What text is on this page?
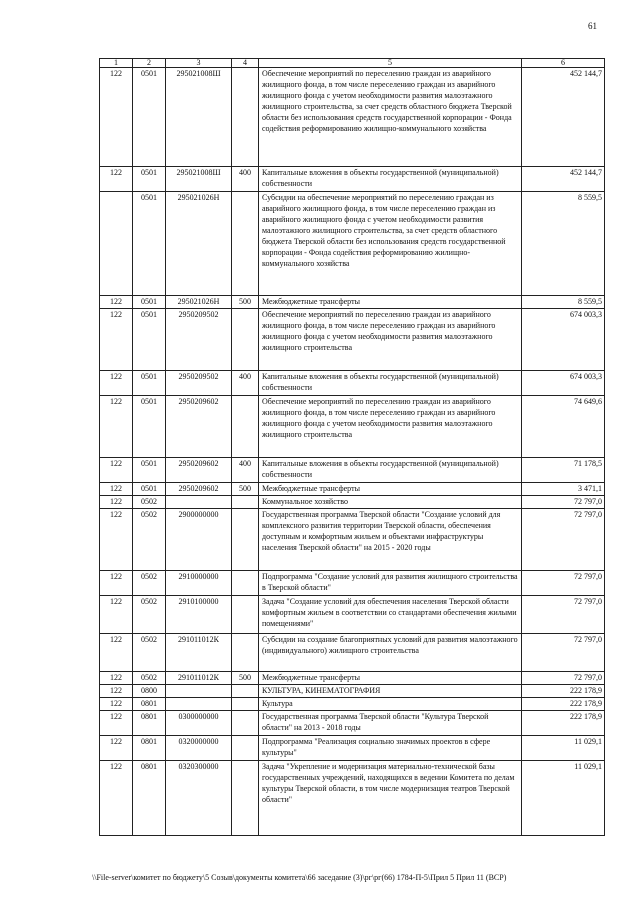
61
1	2	3	4	5	6
122	0501	295021008Ш		Обеспечение мероприятий по переселению граждан из аварийного жилищного фонда, в том числе переселению граждан из аварийного жилищного фонда с учетом необходимости развития малоэтажного жилищного строительства, за счет средств областного бюджета Тверской области без использования средств государственной корпорации - Фонда содействия реформированию жилищно-коммунального хозяйства	452 144,7
122	0501	295021008Ш	400	Капитальные вложения в объекты государственной (муниципальной) собственности	452 144,7
	0501	295021026Н		Субсидии на обеспечение мероприятий по переселению граждан из аварийного жилищного фонда, в том числе переселению граждан из аварийного жилищного фонда с учетом необходимости развития малоэтажного жилищного строительства, за счет средств областного бюджета Тверской области без использования средств государственной корпорации - Фонда содействия реформированию жилищно-коммунального хозяйства	8 559,5
122	0501	295021026Н	500	Межбюджетные трансферты	8 559,5
122	0501	2950209502		Обеспечение мероприятий по переселению граждан из аварийного жилищного фонда, в том числе переселению граждан из аварийного жилищного фонда с учетом необходимости развития малоэтажного жилищного строительства	674 003,3
122	0501	2950209502	400	Капитальные вложения в объекты государственной (муниципальной) собственности	674 003,3
122	0501	2950209602		Обеспечение мероприятий по переселению граждан из аварийного жилищного фонда, в том числе переселению граждан из аварийного жилищного фонда с учетом необходимости развития малоэтажного жилищного строительства	74 649,6
122	0501	2950209602	400	Капитальные вложения в объекты государственной (муниципальной) собственности	71 178,5
122	0501	2950209602	500	Межбюджетные трансферты	3 471,1
122	0502			Коммунальное хозяйство	72 797,0
122	0502	2900000000		Государственная программа Тверской области "Создание условий для комплексного развития территории Тверской области, обеспечения доступным и комфортным жильем и объектами инфраструктуры населения Тверской области" на 2015 - 2020 годы	72 797,0
122	0502	2910000000		Подпрограмма "Создание условий для развития жилищного строительства в Тверской области"	72 797,0
122	0502	2910100000		Задача "Создание условий для обеспечения населения Тверской области комфортным жильем в соответствии со стандартами обеспечения жилыми помещениями"	72 797,0
122	0502	291011012К		Субсидии на создание благоприятных условий для развития малоэтажного (индивидуального) жилищного строительства	72 797,0
122	0502	291011012К	500	Межбюджетные трансферты	72 797,0
122	0800			КУЛЬТУРА, КИНЕМАТОГРАФИЯ	222 178,9
122	0801			Культура	222 178,9
122	0801	0300000000		Государственная программа Тверской области "Культура Тверской области" на 2013 - 2018 годы	222 178,9
122	0801	0320000000		Подпрограмма "Реализация социально значимых проектов в сфере культуры"	11 029,1
122	0801	0320300000		Задача "Укрепление и модернизация материально-технической базы государственных учреждений, находящихся в ведении Комитета по делам культуры Тверской области, в том числе модернизация театров Тверской области"	11 029,1
\\File-server\комитет по бюджету\5 Созыв\документы комитета\66 заседание (3)\рг\рг(66) 1784-П-5\Прил 5 Прил 11 (ВСР)
